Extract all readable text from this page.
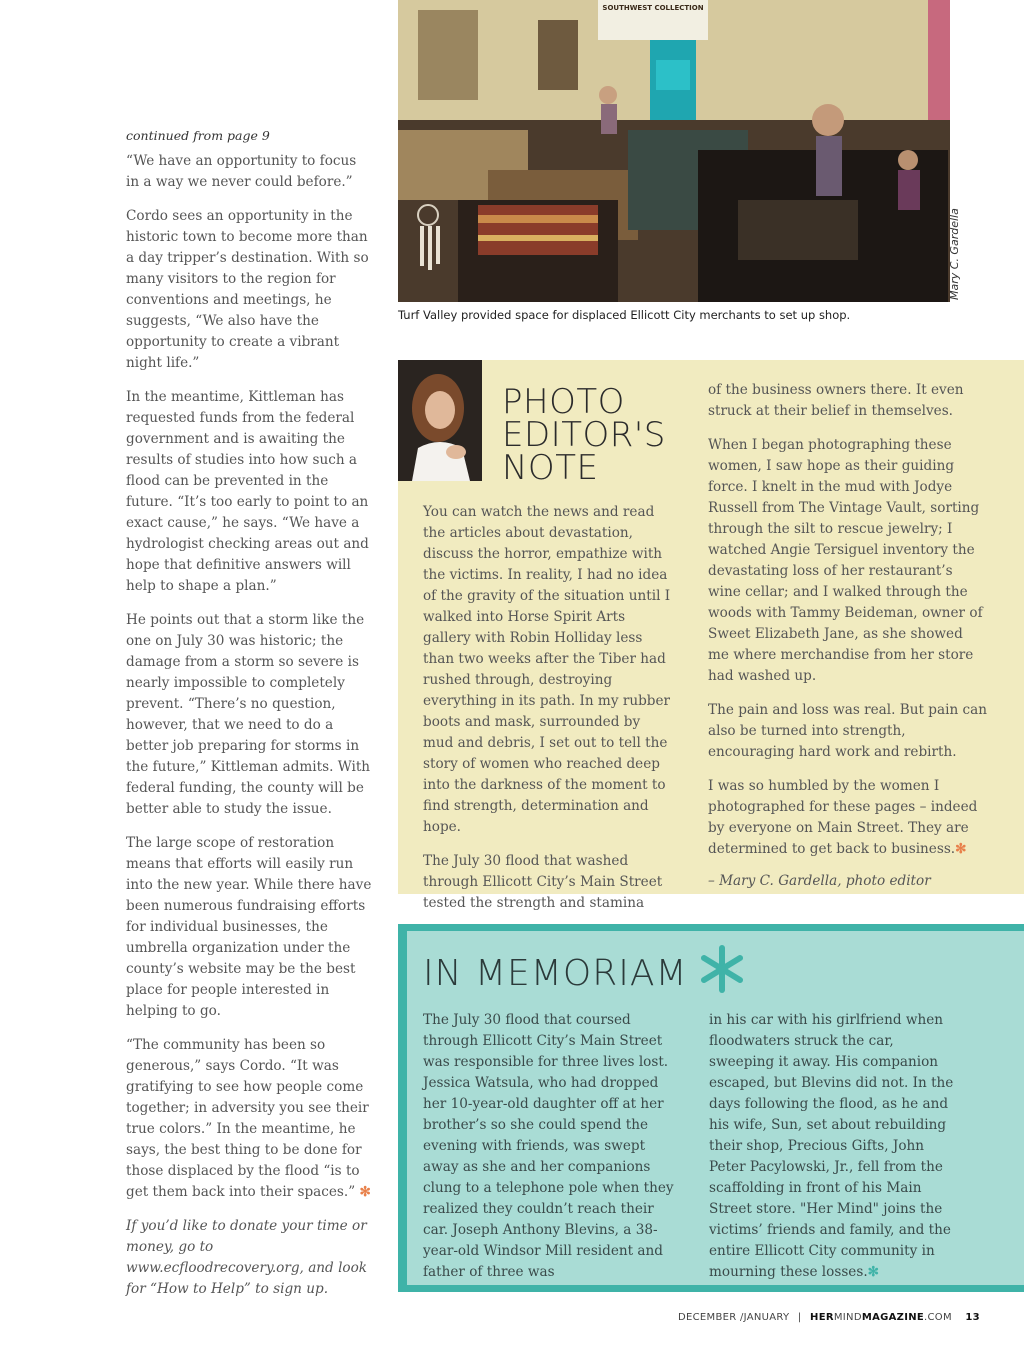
continued from page 9

“We have an opportunity to focus in a way we never could before.”

Cordo sees an opportunity in the historic town to become more than a day tripper’s destination. With so many visitors to the region for conventions and meetings, he suggests, “We also have the opportunity to create a vibrant night life.”

In the meantime, Kittleman has requested funds from the federal government and is awaiting the results of studies into how such a flood can be prevented in the future. “It’s too early to point to an exact cause,” he says. “We have a hydrologist checking areas out and hope that definitive answers will help to shape a plan.”

He points out that a storm like the one on July 30 was historic; the damage from a storm so severe is nearly impossible to completely prevent. “There’s no question, however, that we need to do a better job preparing for storms in the future,” Kittleman admits. With federal funding, the county will be better able to study the issue.

The large scope of restoration means that efforts will easily run into the new year. While there have been numerous fundraising efforts for individual businesses, the umbrella organization under the county’s website may be the best place for people interested in helping to go.

“The community has been so generous,” says Cordo. “It was gratifying to see how people come together; in adversity you see their true colors.” In the meantime, he says, the best thing to be done for those displaced by the flood “is to get them back into their spaces.” ✻

If you’d like to donate your time or money, go to www.ecfloodrecovery.org, and look for “How to Help” to sign up.

SOUTHWEST COLLECTION
Mary C. Gardella
Turf Valley provided space for displaced Ellicott City merchants to set up shop.
PHOTO
EDITOR'S
NOTE

You can watch the news and read the articles about devastation, discuss the horror, empathize with the victims. In reality, I had no idea of the gravity of the situation until I walked into Horse Spirit Arts gallery with Robin Holliday less than two weeks after the Tiber had rushed through, destroying everything in its path. In my rubber boots and mask, surrounded by mud and debris, I set out to tell the story of women who reached deep into the darkness of the moment to find strength, determination and hope.

The July 30 flood that washed through Ellicott City’s Main Street tested the strength and stamina

of the business owners there. It even struck at their belief in themselves.

When I began photographing these women, I saw hope as their guiding force. I knelt in the mud with Jodye Russell from The Vintage Vault, sorting through the silt to rescue jewelry; I watched Angie Tersiguel inventory the devastating loss of her restaurant’s wine cellar; and I walked through the woods with Tammy Beideman, owner of Sweet Elizabeth Jane, as she showed me where merchandise from her store had washed up.

The pain and loss was real. But pain can also be turned into strength, encouraging hard work and rebirth.

I was so humbled by the women I photographed for these pages – indeed by everyone on Main Street. They are determined to get back to business.✻

– Mary C. Gardella, photo editor

IN MEMORIAM

The July 30 flood that coursed through Ellicott City’s Main Street was responsible for three lives lost. Jessica Watsula, who had dropped her 10-year-old daughter off at her brother’s so she could spend the evening with friends, was swept away as she and her companions clung to a telephone pole when they realized they couldn’t reach their car. Joseph Anthony Blevins, a 38-year-old Windsor Mill resident and father of three was

in his car with his girlfriend when floodwaters struck the car, sweeping it away. His companion escaped, but Blevins did not. In the days following the flood, as he and his wife, Sun, set about rebuilding their shop, Precious Gifts, John Peter Pacylowski, Jr., fell from the scaffolding in front of his Main Street store. "Her Mind" joins the victims’ friends and family, and the entire Ellicott City community in mourning these losses.✻

DECEMBER /JANUARY | HERMINDMAGAZINE.COM 13
